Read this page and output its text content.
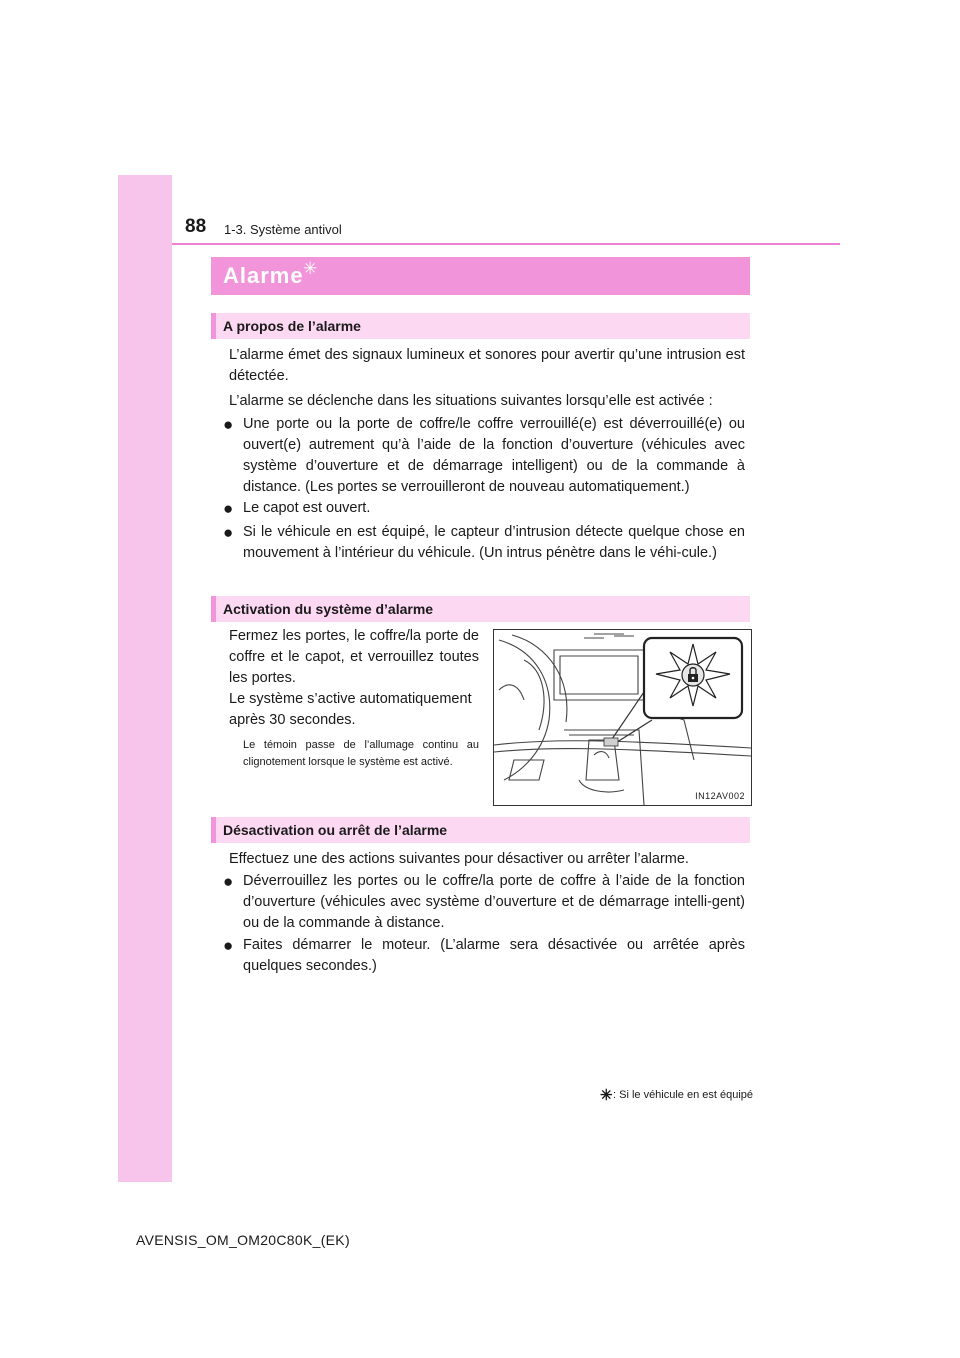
88 1-3. Système antivol
Alarme ✳
A propos de l’alarme

L’alarme émet des signaux lumineux et sonores pour avertir qu’une intrusion est détectée.

L’alarme se déclenche dans les situations suivantes lorsqu’elle est activée :

● Une porte ou la porte de coffre/le coffre verrouillé(e) est déverrouillé(e) ou ouvert(e) autrement qu’à l’aide de la fonction d’ouverture (véhicules avec système d’ouverture et de démarrage intelligent) ou de la commande à distance. (Les portes se verrouilleront de nouveau automatiquement.)
● Le capot est ouvert.
● Si le véhicule en est équipé, le capteur d’intrusion détecte quelque chose en mouvement à l’intérieur du véhicule. (Un intrus pénètre dans le véhi-cule.)
Activation du système d’alarme
Fermez les portes, le coffre/la porte de coffre et le capot, et verrouillez toutes les portes.
Le système s’active automatiquement après 30 secondes.
Le témoin passe de l’allumage continu au clignotement lorsque le système est activé.
IN12AV002
Désactivation ou arrêt de l’alarme

Effectuez une des actions suivantes pour désactiver ou arrêter l’alarme.

● Déverrouillez les portes ou le coffre/la porte de coffre à l’aide de la fonction d’ouverture (véhicules avec système d’ouverture et de démarrage intelli-gent) ou de la commande à distance.
● Faites démarrer le moteur. (L’alarme sera désactivée ou arrêtée après quelques secondes.)
✳ : Si le véhicule en est équipé
AVENSIS_OM_OM20C80K_(EK)
